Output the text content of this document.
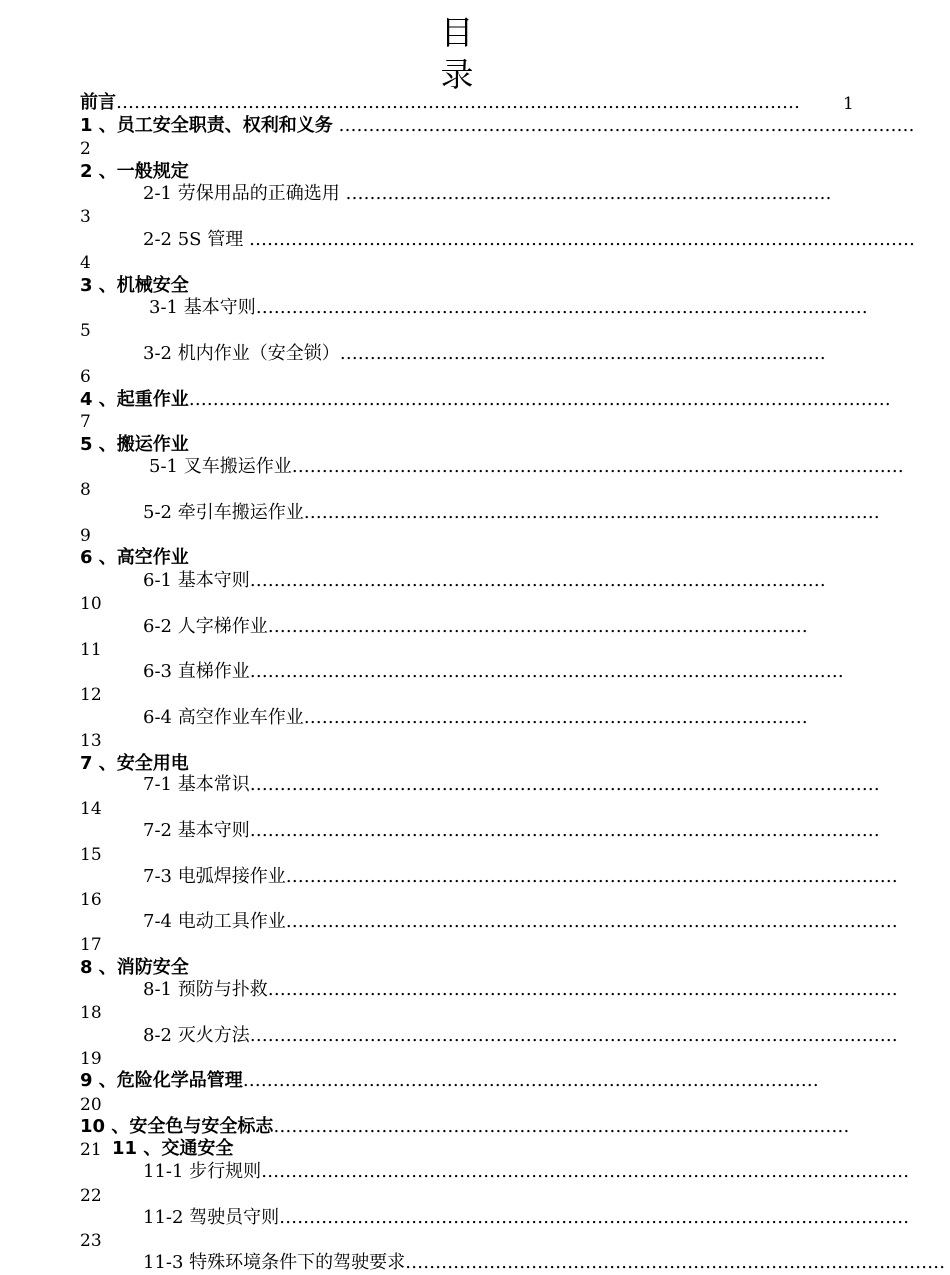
目
录
前言……………………………………………………………………………………………………	1
1 、员工安全职责、权利和义务 ……………………………………………………………………………………
2
2 、一般规定
2-1 劳保用品的正确选用 ………………………………………………………………………
3
2-2 5S 管理 …………………………………………………………………………………………………
4
3 、机械安全
3-1 基本守则…………………………………………………………………………………………
5
3-2 机内作业（安全锁）………………………………………………………………………
6
4 、起重作业………………………………………………………………………………………………………
7
5 、搬运作业
5-1 叉车搬运作业…………………………………………………………………………………………
8
5-2 牵引车搬运作业……………………………………………………………………………………
9
6 、高空作业
6-1 基本守则……………………………………………………………………………………
10
6-2 人字梯作业………………………………………………………………………………
11
6-3 直梯作业………………………………………………………………………………………
12
6-4 高空作业车作业…………………………………………………………………………
13
7 、安全用电
7-1 基本常识……………………………………………………………………………………………
14
7-2 基本守则……………………………………………………………………………………………
15
7-3 电弧焊接作业…………………………………………………………………………………………
16
7-4 电动工具作业…………………………………………………………………………………………
17
8 、消防安全
8-1 预防与扑救……………………………………………………………………………………………
18
8-2 灭火方法………………………………………………………………………………………………
19
9 、危险化学品管理……………………………………………………………………………………
20
10 、安全色与安全标志……………………………………………………………………………………
21 11 、交通安全
11-1 步行规则………………………………………………………………………………………………
22
11-2 驾驶员守则……………………………………………………………………………………………
23
11-3 特殊环境条件下的驾驶要求………………………………………………………………………………
